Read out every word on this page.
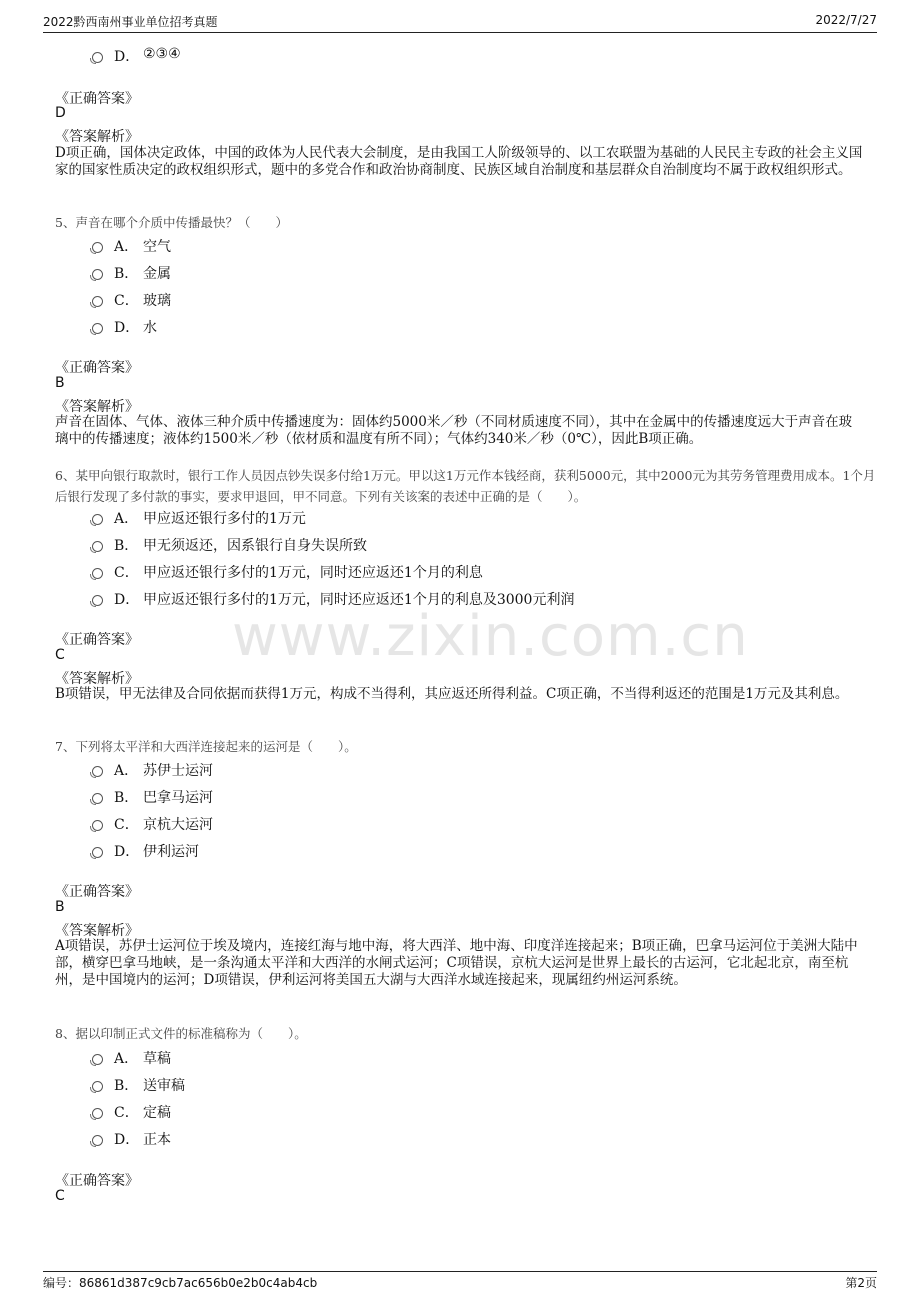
2022黔西南州事业单位招考真题	2022/7/27
www.zixin.com.cn
D． ②③④
《正确答案》
D
《答案解析》
D项正确，国体决定政体，中国的政体为人民代表大会制度，是由我国工人阶级领导的、以工农联盟为基础的人民民主专政的社会主义国家的国家性质决定的政权组织形式，题中的多党合作和政治协商制度、民族区域自治制度和基层群众自治制度均不属于政权组织形式。
5、声音在哪个介质中传播最快？（　　）
A． 空气
B． 金属
C． 玻璃
D． 水
《正确答案》
B
《答案解析》
声音在固体、气体、液体三种介质中传播速度为：固体约5000米／秒（不同材质速度不同），其中在金属中的传播速度远大于声音在玻璃中的传播速度；液体约1500米／秒（依材质和温度有所不同）；气体约340米／秒（0℃），因此B项正确。
6、某甲向银行取款时，银行工作人员因点钞失误多付给1万元。甲以这1万元作本钱经商，获利5000元，其中2000元为其劳务管理费用成本。1个月后银行发现了多付款的事实，要求甲退回，甲不同意。下列有关该案的表述中正确的是（　　）。
A． 甲应返还银行多付的1万元
B． 甲无须返还，因系银行自身失误所致
C． 甲应返还银行多付的1万元，同时还应返还1个月的利息
D． 甲应返还银行多付的1万元，同时还应返还1个月的利息及3000元利润
《正确答案》
C
《答案解析》
B项错误，甲无法律及合同依据而获得1万元，构成不当得利，其应返还所得利益。C项正确，不当得利返还的范围是1万元及其利息。
7、下列将太平洋和大西洋连接起来的运河是（　　）。
A． 苏伊士运河
B． 巴拿马运河
C． 京杭大运河
D． 伊利运河
《正确答案》
B
《答案解析》
A项错误，苏伊士运河位于埃及境内，连接红海与地中海，将大西洋、地中海、印度洋连接起来；B项正确，巴拿马运河位于美洲大陆中部，横穿巴拿马地峡，是一条沟通太平洋和大西洋的水闸式运河；C项错误，京杭大运河是世界上最长的古运河，它北起北京，南至杭州，是中国境内的运河；D项错误，伊利运河将美国五大湖与大西洋水域连接起来，现属纽约州运河系统。
8、据以印制正式文件的标准稿称为（　　）。
A． 草稿
B． 送审稿
C． 定稿
D． 正本
《正确答案》
C
编号：86861d387c9cb7ac656b0e2b0c4ab4cb	第2页
